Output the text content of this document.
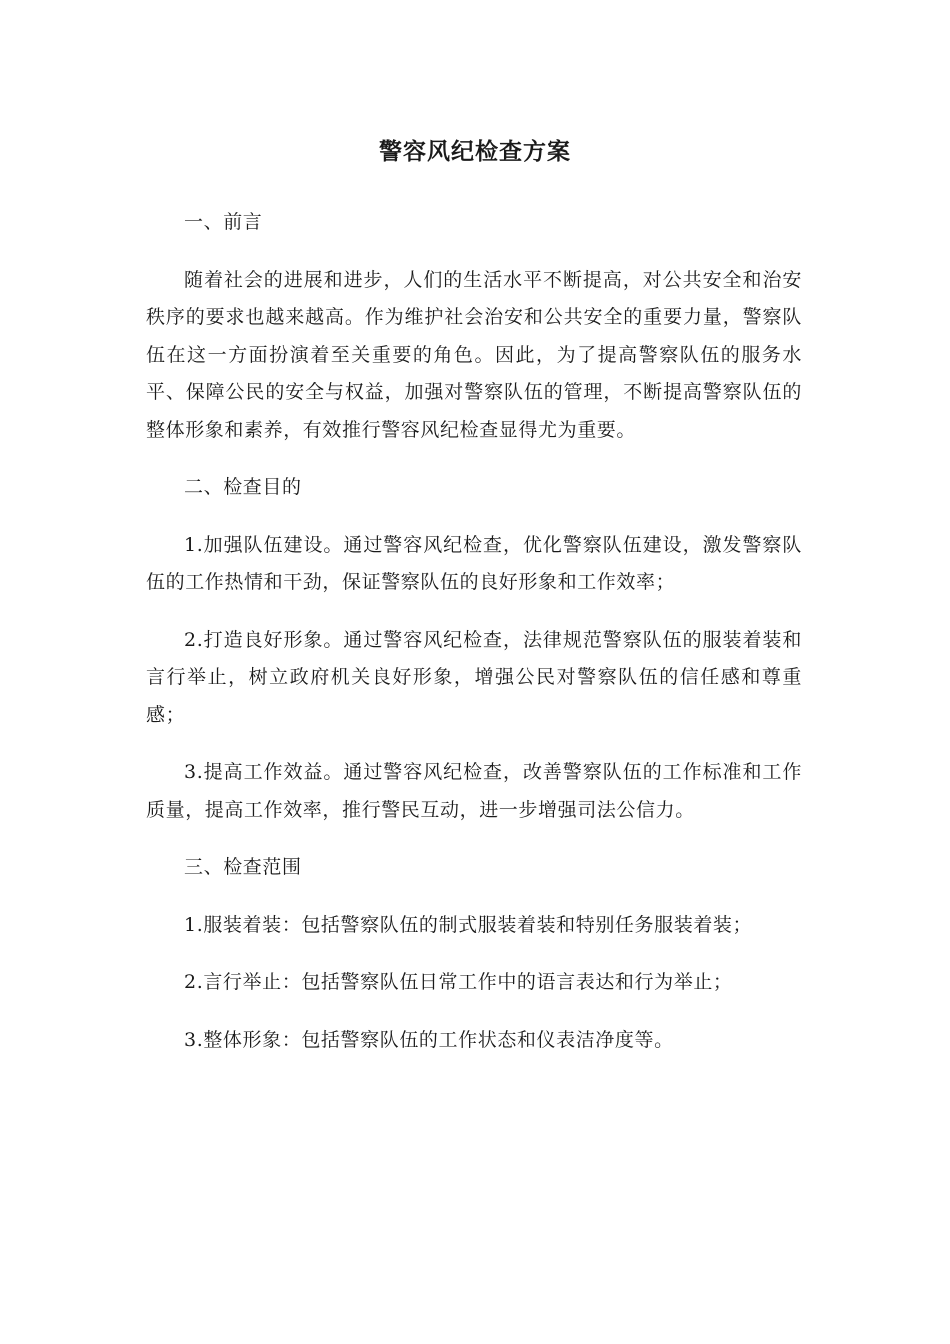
警容风纪检查方案

一、前言

随着社会的进展和进步，人们的生活水平不断提高，对公共安全和治安秩序的要求也越来越高。作为维护社会治安和公共安全的重要力量，警察队伍在这一方面扮演着至关重要的角色。因此，为了提高警察队伍的服务水平、保障公民的安全与权益，加强对警察队伍的管理，不断提高警察队伍的整体形象和素养，有效推行警容风纪检查显得尤为重要。

二、检查目的

1.加强队伍建设。通过警容风纪检查，优化警察队伍建设，激发警察队伍的工作热情和干劲，保证警察队伍的良好形象和工作效率；

2.打造良好形象。通过警容风纪检查，法律规范警察队伍的服装着装和言行举止，树立政府机关良好形象，增强公民对警察队伍的信任感和尊重感；

3.提高工作效益。通过警容风纪检查，改善警察队伍的工作标准和工作质量，提高工作效率，推行警民互动，进一步增强司法公信力。

三、检查范围

1.服装着装：包括警察队伍的制式服装着装和特别任务服装着装；

2.言行举止：包括警察队伍日常工作中的语言表达和行为举止；

3.整体形象：包括警察队伍的工作状态和仪表洁净度等。
